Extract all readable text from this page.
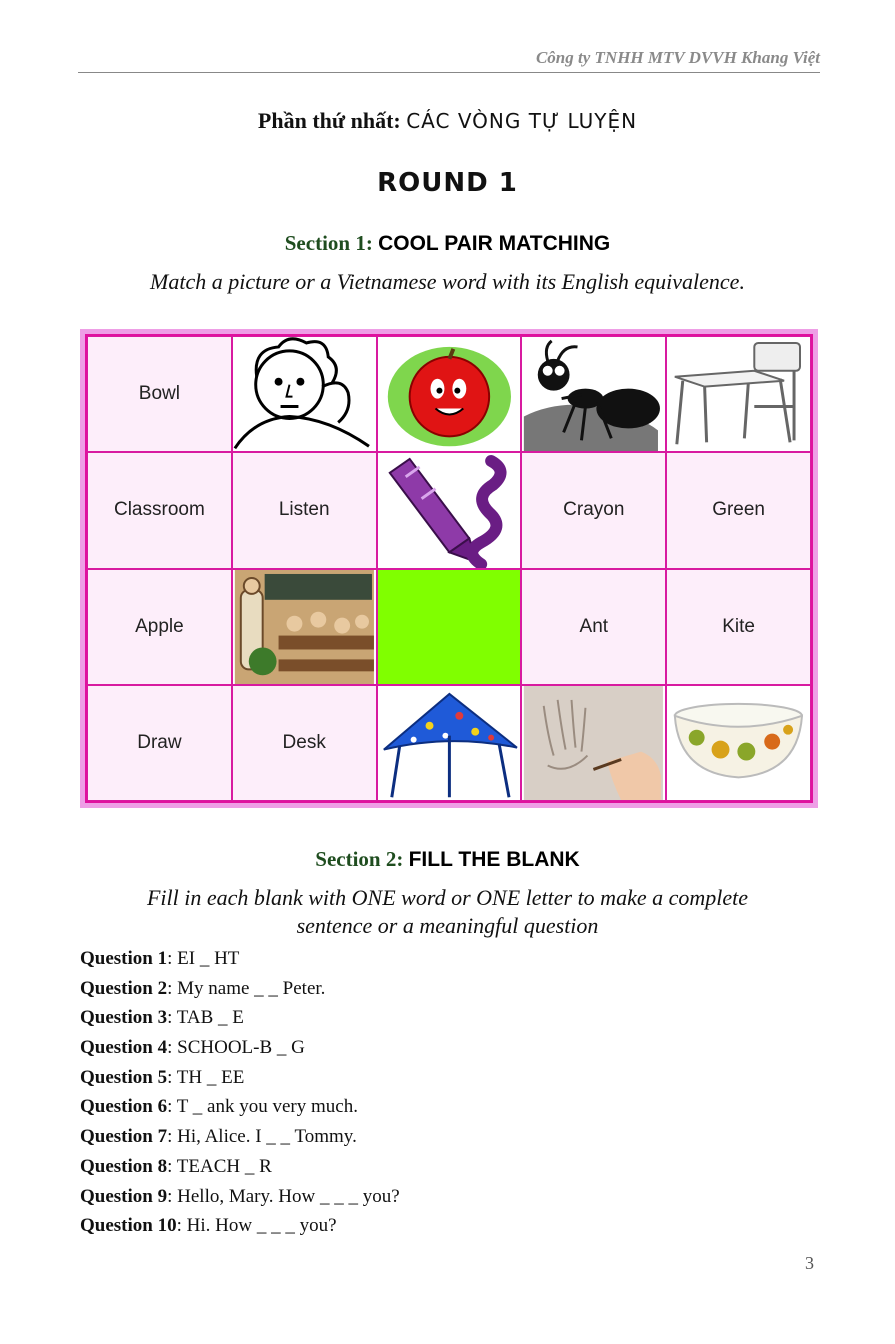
Công ty TNHH MTV DVVH Khang Việt
Phần thứ nhất: CÁC VÒNG TỰ LUYỆN
ROUND 1
Section 1: COOL PAIR MATCHING
Match a picture or a Vietnamese word with its English equivalence.
Bowl
Classroom	Listen	Crayon	Green
Apple	Ant	Kite
Draw	Desk
Section 2: FILL THE BLANK
Fill in each blank with ONE word or ONE letter to make a complete
sentence or a meaningful question
Question 1: EI _ HT
Question 2: My name _ _ Peter.
Question 3: TAB _ E
Question 4: SCHOOL-B _ G
Question 5: TH _ EE
Question 6: T _ ank you very much.
Question 7: Hi, Alice. I _ _ Tommy.
Question 8: TEACH _ R
Question 9: Hello, Mary. How _ _ _ you?
Question 10: Hi. How _ _ _ you?
3
